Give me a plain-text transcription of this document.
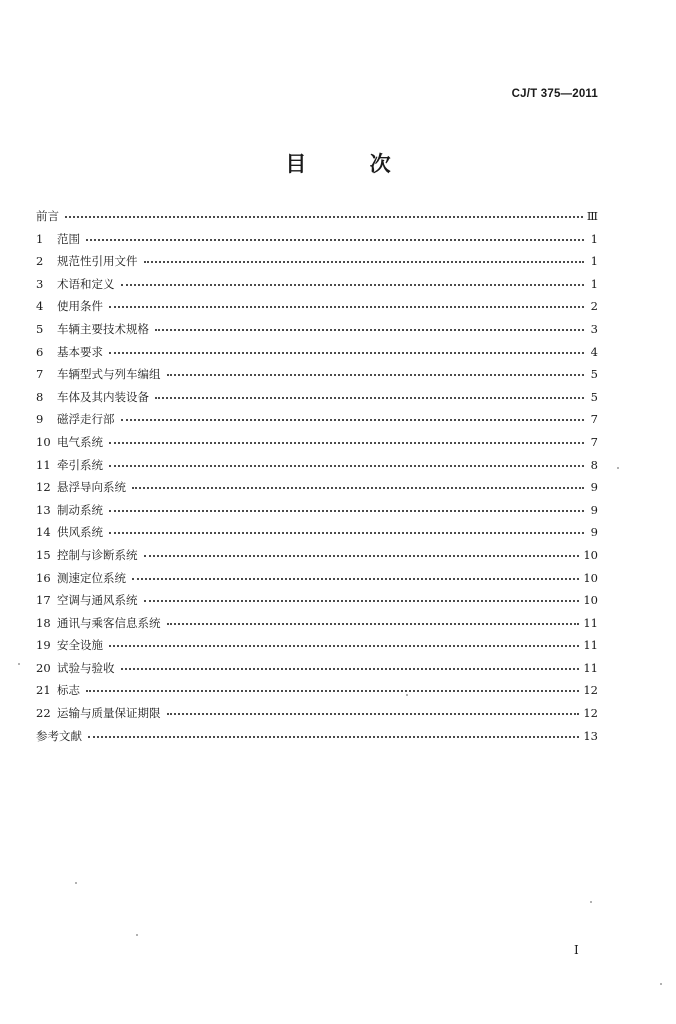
CJ/T 375—2011
目 次
前言	Ⅲ
1	范围	1
2	规范性引用文件	1
3	术语和定义	1
4	使用条件	2
5	车辆主要技术规格	3
6	基本要求	4
7	车辆型式与列车编组	5
8	车体及其内装设备	5
9	磁浮走行部	7
10 电气系统	7
11 牵引系统	8
12 悬浮导向系统	9
13 制动系统	9
14 供风系统	9
15 控制与诊断系统	10
16 测速定位系统	10
17 空调与通风系统	10
18 通讯与乘客信息系统	11
19 安全设施	11
20 试验与验收	11
21 标志	12
22 运输与质量保证期限	12
参考文献	13
I
